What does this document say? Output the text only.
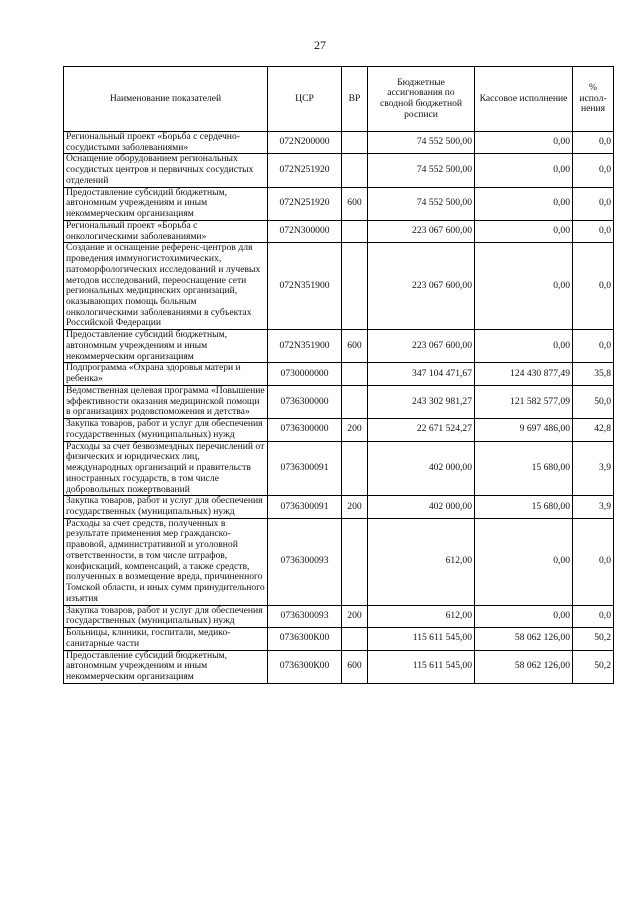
27
Наименование показателей	ЦСР	ВР	Бюджетные ассигнования по сводной бюджетной росписи	Кассовое исполнение	% испол-нения
Региональный проект «Борьба с сердечно-сосудистыми заболеваниями»	072N200000		74 552 500,00	0,00	0,0
Оснащение оборудованием региональных сосудистых центров и первичных сосудистых отделений	072N251920		74 552 500,00	0,00	0,0
Предоставление субсидий бюджетным, автономным учреждениям и иным некоммерческим организациям	072N251920	600	74 552 500,00	0,00	0,0
Региональный проект «Борьба с онкологическими заболеваниями»	072N300000		223 067 600,00	0,00	0,0
Создание и оснащение референс-центров для проведения иммуногистохимических, патоморфологических исследований и лучевых методов исследований, переоснащение сети региональных медицинских организаций, оказывающих помощь больным онкологическими заболеваниями в субъектах Российской Федерации	072N351900		223 067 600,00	0,00	0,0
Предоставление субсидий бюджетным, автономным учреждениям и иным некоммерческим организациям	072N351900	600	223 067 600,00	0,00	0,0
Подпрограмма «Охрана здоровья матери и ребенка»	0730000000		347 104 471,67	124 430 877,49	35,8
Ведомственная целевая программа «Повышение эффективности оказания медицинской помощи в организациях родовспоможения и детства»	0736300000		243 302 981,27	121 582 577,09	50,0
Закупка товаров, работ и услуг для обеспечения государственных (муниципальных) нужд	0736300000	200	22 671 524,27	9 697 486,00	42,8
Расходы за счет безвозмездных перечислений от физических и юридических лиц, международных организаций и правительств иностранных государств, в том числе добровольных пожертвований	0736300091		402 000,00	15 680,00	3,9
Закупка товаров, работ и услуг для обеспечения государственных (муниципальных) нужд	0736300091	200	402 000,00	15 680,00	3,9
Расходы за счет средств, полученных в результате применения мер гражданско-правовой, административной и уголовной ответственности, в том числе штрафов, конфискаций, компенсаций, а также средств, полученных в возмещение вреда, причиненного Томской области, и иных сумм принудительного изъятия	0736300093		612,00	0,00	0,0
Закупка товаров, работ и услуг для обеспечения государственных (муниципальных) нужд	0736300093	200	612,00	0,00	0,0
Больницы, клиники, госпитали, медико-санитарные части	0736300К00		115 611 545,00	58 062 126,00	50,2
Предоставление субсидий бюджетным, автономным учреждениям и иным некоммерческим организациям	0736300К00	600	115 611 545,00	58 062 126,00	50,2
